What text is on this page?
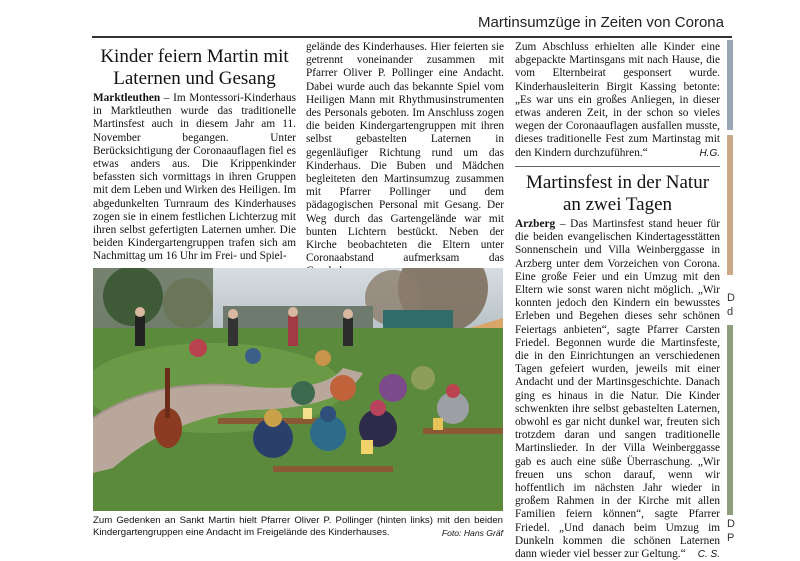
Martinsumzüge in Zeiten von Corona
Kinder feiern Martin mit Laternen und Gesang

Marktleuthen – Im Montessori-Kinderhaus in Marktleuthen wurde das traditionelle Martinsfest auch in diesem Jahr am 11. November begangen. Unter Berücksichtigung der Coronaauflagen fiel es etwas anders aus. Die Krippenkinder befassten sich vormittags in ihren Gruppen mit dem Leben und Wirken des Heiligen. Im abgedunkelten Turnraum des Kinderhauses zogen sie in einem festlichen Lichterzug mit ihren selbst gefertigten Laternen umher. Die beiden Kindergartengruppen trafen sich am Nachmittag um 16 Uhr im Frei- und Spiel-

gelände des Kinderhauses. Hier feierten sie getrennt voneinander zusammen mit Pfarrer Oliver P. Pollinger eine Andacht. Dabei wurde auch das bekannte Spiel vom Heiligen Mann mit Rhythmusinstrumenten des Personals geboten. Im Anschluss zogen die beiden Kindergartengruppen mit ihren selbst gebastelten Laternen in gegenläufiger Richtung rund um das Kinderhaus. Die Buben und Mädchen begleiteten den Martinsumzug zusammen mit Pfarrer Pollinger und dem pädagogischen Personal mit Gesang. Der Weg durch das Gartengelände war mit bunten Lichtern bestückt. Neben der Kirche beobachteten die Eltern unter Coronaabstand aufmerksam das

Zum Abschluss erhielten alle Kinder eine abgepackte Martinsgans mit nach Hause, die vom Elternbeirat gesponsert wurde. Kinderhausleiterin Birgit Kassing betonte: „Es war uns ein großes Anliegen, in dieser etwas anderen Zeit, in der schon so vieles wegen der Coronaauflagen ausfallen musste, dieses traditionelle Fest zum Martinstag mit den Kindern durchzuführen.“	H.G.

Martinsfest in der Natur an zwei Tagen

Arzberg – Das Martinsfest stand heuer für die beiden evangelischen Kindertagesstätten Sonnenschein und Villa Weinberggasse in Arzberg unter dem Vorzeichen von Corona. Eine große Feier und ein Umzug mit den Eltern wie sonst waren nicht möglich. „Wir konnten jedoch den Kindern ein bewusstes Erleben und Begehen dieses sehr schönen Feiertags anbieten“, sagte Pfarrer Carsten Friedel. Begonnen wurde die Martinsfeste, die in den Einrichtungen an verschiedenen Tagen gefeiert wurden, jeweils mit einer Andacht und der Martinsgeschichte. Danach ging es hinaus in die Natur. Die Kinder schwenkten ihre selbst gebastelten Laternen, obwohl es gar nicht dunkel war, freuten sich trotzdem daran und sangen traditionelle Martinslieder. In der Villa Weinberggasse gab es auch eine süße Überraschung. „Wir freuen uns schon darauf, wenn wir hoffentlich im nächsten Jahr wieder in großem Rahmen in der Kirche mit allen Familien feiern können“, sagte Pfarrer Friedel. „Und danach beim Umzug im Dunkeln kommen die schönen Laternen dann wieder viel besser zur Geltung.“ C. S.

Zum Gedenken an Sankt Martin hielt Pfarrer Oliver P. Pollinger (hinten links) mit den beiden Kindergartengruppen eine Andacht im Freigelände des Kinderhauses.	Foto: Hans Gräf
D
d
D
P
